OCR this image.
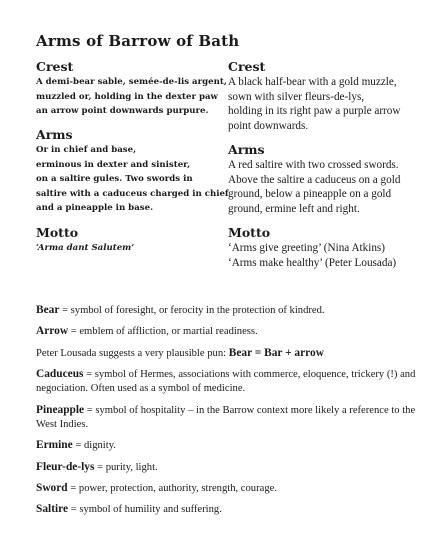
Arms of Barrow of Bath
Crest
A demi-bear sable, semée-de-lis argent,
muzzled or, holding in the dexter paw
an arrow point downwards purpure.
Arms
Or in chief and base,
erminous in dexter and sinister,
on a saltire gules. Two swords in
saltire with a caduceus charged in chief
and a pineapple in base.
Motto
‘Arma dant Salutem’
Crest
A black half-bear with a gold muzzle,
sown with silver fleurs-de-lys,
holding in its right paw a purple arrow
point downwards.
Arms
A red saltire with two crossed swords.
Above the saltire a caduceus on a gold
ground, below a pineapple on a gold
ground, ermine left and right.
Motto
‘Arms give greeting’ (Nina Atkins)
‘Arms make healthy’ (Peter Lousada)

Bear = symbol of foresight, or ferocity in the protection of kindred.

Arrow = emblem of affliction, or martial readiness.

Peter Lousada suggests a very plausible pun: Bear = Bar + arrow

Caduceus = symbol of Hermes, associations with commerce, eloquence, trickery (!) and negociation. Often used as a symbol of medicine.

Pineapple = symbol of hospitality – in the Barrow context more likely a reference to the West Indies.

Ermine = dignity.

Fleur-de-lys = purity, light.

Sword = power, protection, authority, strength, courage.

Saltire = symbol of humility and suffering.
